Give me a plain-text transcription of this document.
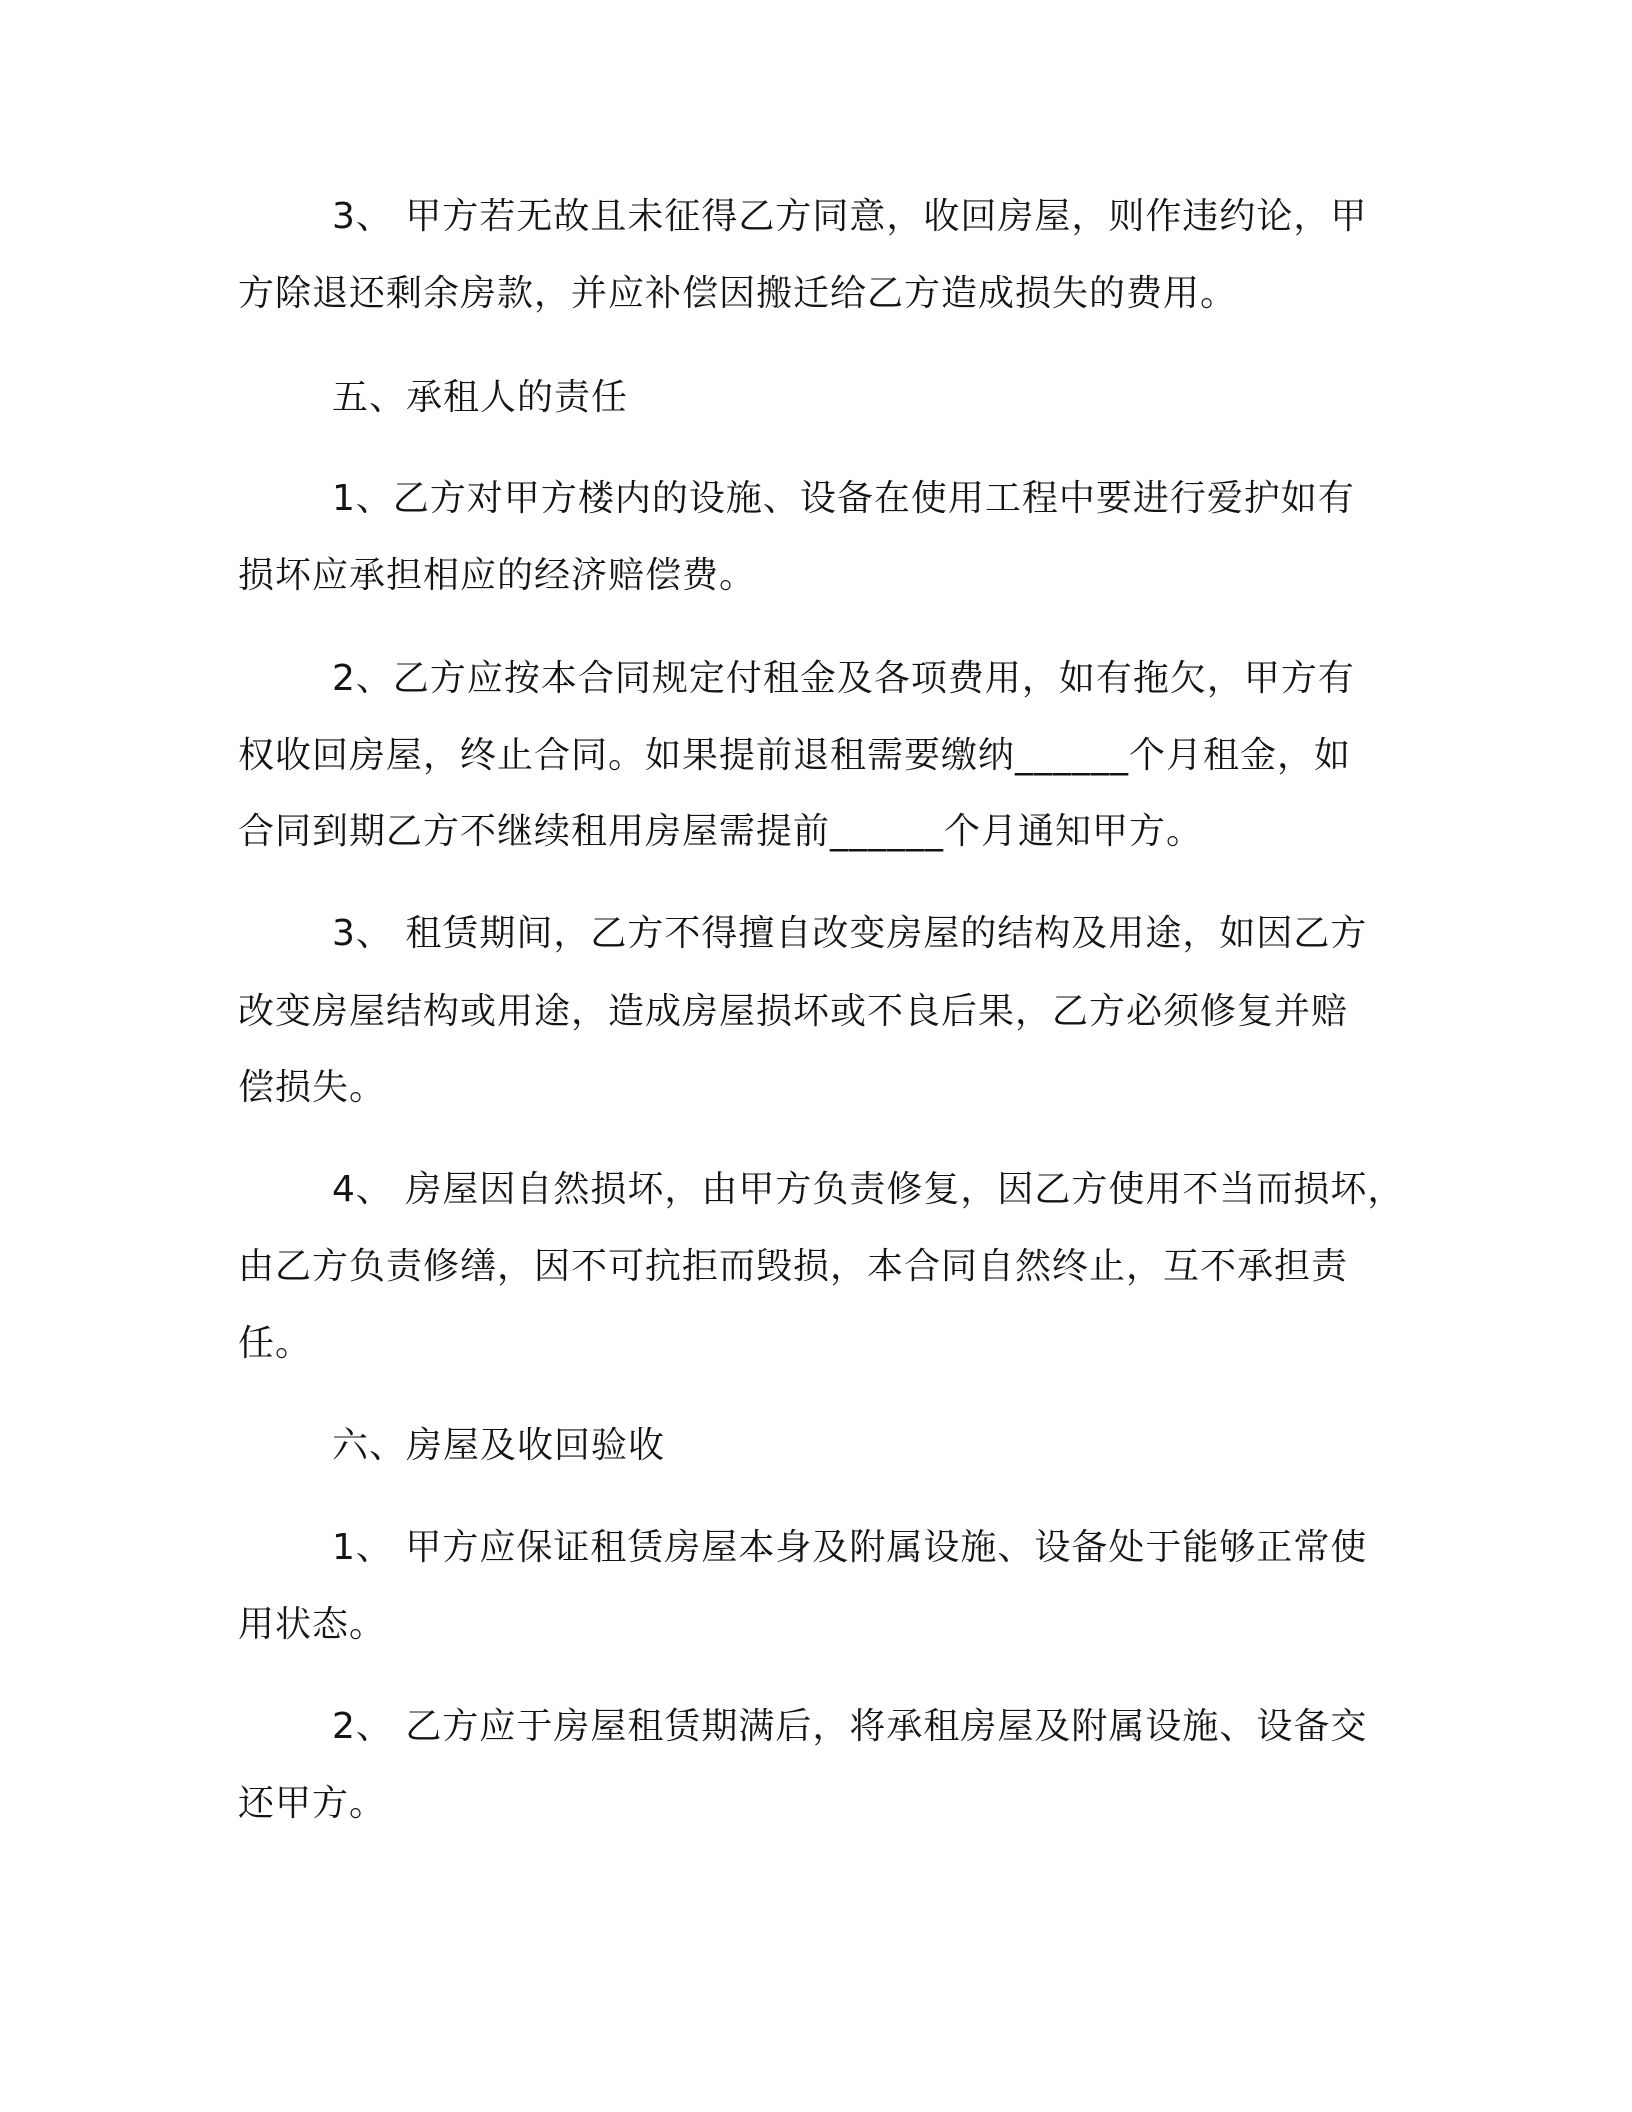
3、 甲方若无故且未征得乙方同意，收回房屋，则作违约论，甲
方除退还剩余房款，并应补偿因搬迁给乙方造成损失的费用。
五、承租人的责任
1、乙方对甲方楼内的设施、设备在使用工程中要进行爱护如有
损坏应承担相应的经济赔偿费。
2、乙方应按本合同规定付租金及各项费用，如有拖欠，甲方有
权收回房屋，终止合同。如果提前退租需要缴纳______个月租金，如
合同到期乙方不继续租用房屋需提前______个月通知甲方。
3、 租赁期间，乙方不得擅自改变房屋的结构及用途，如因乙方
改变房屋结构或用途，造成房屋损坏或不良后果，乙方必须修复并赔
偿损失。
4、 房屋因自然损坏，由甲方负责修复，因乙方使用不当而损坏，
由乙方负责修缮，因不可抗拒而毁损，本合同自然终止，互不承担责
任。
六、房屋及收回验收
1、 甲方应保证租赁房屋本身及附属设施、设备处于能够正常使
用状态。
2、 乙方应于房屋租赁期满后，将承租房屋及附属设施、设备交
还甲方。
